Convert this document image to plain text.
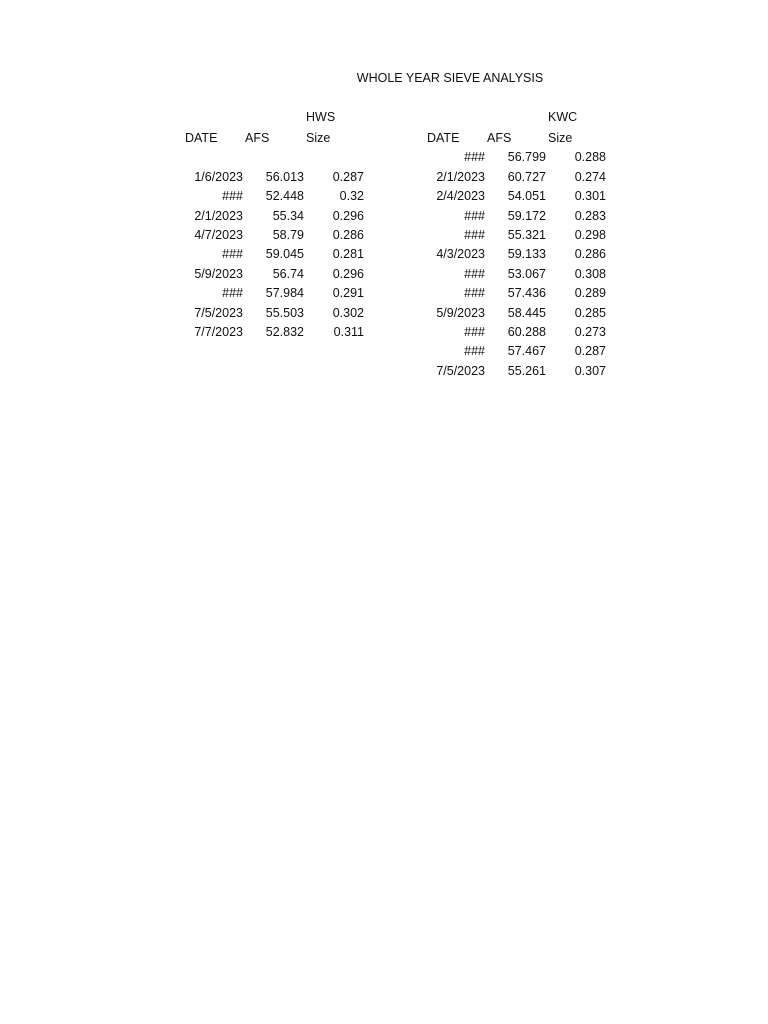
WHOLE YEAR SIEVE ANALYSIS
HWS	KWC
DATE AFS	Size
1/6/2023	56.013	0.287
###	52.448	0.32
2/1/2023	55.34	0.296
4/7/2023	58.79	0.286
###	59.045	0.281
5/9/2023	56.74	0.296
###	57.984	0.291
7/5/2023	55.503	0.302
7/7/2023	52.832	0.311
DATE AFS	Size
###	56.799	0.288
2/1/2023	60.727	0.274
2/4/2023	54.051	0.301
###	59.172	0.283
###	55.321	0.298
4/3/2023	59.133	0.286
###	53.067	0.308
###	57.436	0.289
5/9/2023	58.445	0.285
###	60.288	0.273
###	57.467	0.287
7/5/2023	55.261	0.307
